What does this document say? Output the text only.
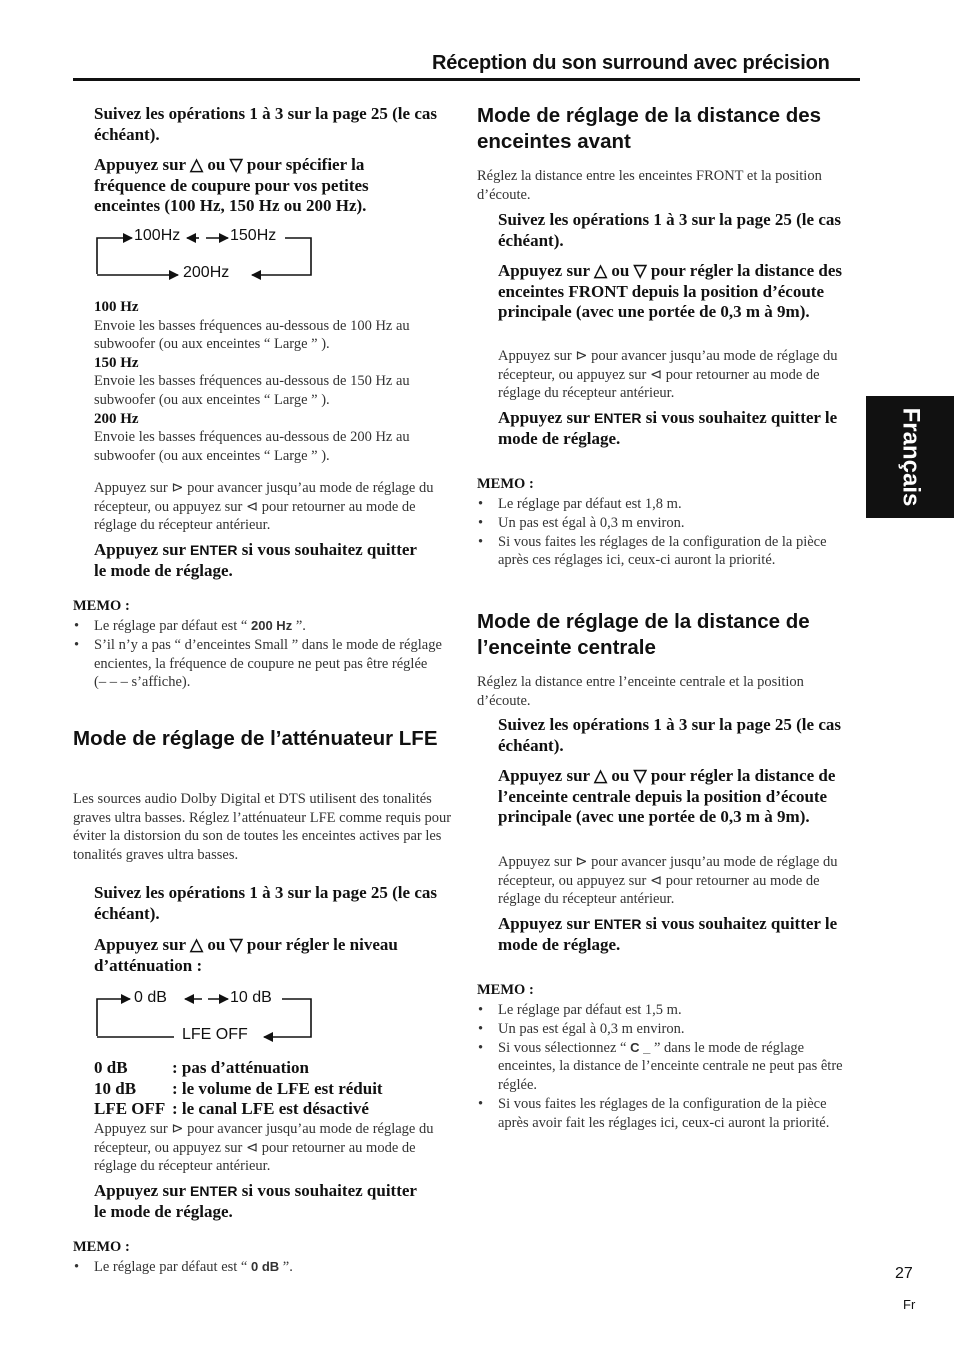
Réception du son surround avec précision
Français
Suivez les opérations 1 à 3 sur la page 25 (le cas échéant).
Appuyez sur △ ou ▽ pour spécifier la fréquence de coupure pour vos petites enceintes (100 Hz, 150 Hz ou 200 Hz).
100Hz	150Hz
200Hz
100 Hz
Envoie les basses fréquences au-dessous de 100 Hz au subwoofer (ou aux enceintes “ Large ” ).
150 Hz
Envoie les basses fréquences au-dessous de 150 Hz au subwoofer (ou aux enceintes “ Large ” ).
200 Hz
Envoie les basses fréquences au-dessous de 200 Hz au subwoofer (ou aux enceintes “ Large ” ).
Appuyez sur ⊳ pour avancer jusqu’au mode de réglage du récepteur, ou appuyez sur ⊲ pour retourner au mode de réglage du récepteur antérieur.
Appuyez sur ENTER si vous souhaitez quitter le mode de réglage.
MEMO :
• Le réglage par défaut est “ 200 Hz ”.
• S’il n’y a pas “ d’enceintes Small ” dans le mode de réglage encientes, la fréquence de coupure ne peut pas être réglée (– – – s’affiche).
Mode de réglage de l’atténuateur LFE
Les sources audio Dolby Digital et DTS utilisent des tonalités graves ultra basses. Réglez l’atténuateur LFE comme requis pour éviter la distorsion du son de toutes les enceintes actives par les tonalités graves ultra basses.
Suivez les opérations 1 à 3 sur la page 25 (le cas échéant).
Appuyez sur △ ou ▽ pour régler le niveau d’atténuation :
0 dB	10 dB
LFE OFF
0 dB	: pas d’atténuation
10 dB	: le volume de LFE est réduit
LFE OFF : le canal LFE est désactivé
Appuyez sur ⊳ pour avancer jusqu’au mode de réglage du récepteur, ou appuyez sur ⊲ pour retourner au mode de réglage du récepteur antérieur.
Appuyez sur ENTER si vous souhaitez quitter le mode de réglage.
MEMO :
• Le réglage par défaut est “ 0 dB ”.
Mode de réglage de la distance des enceintes avant
Réglez la distance entre les enceintes FRONT et la position d’écoute.
Suivez les opérations 1 à 3 sur la page 25 (le cas échéant).
Appuyez sur △ ou ▽ pour régler la distance des enceintes FRONT depuis la position d’écoute principale (avec une portée de 0,3 m à 9m).
Appuyez sur ⊳ pour avancer jusqu’au mode de réglage du récepteur, ou appuyez sur ⊲ pour retourner au mode de réglage du récepteur antérieur.
Appuyez sur ENTER si vous souhaitez quitter le mode de réglage.
MEMO :
• Le réglage par défaut est 1,8 m.
• Un pas est égal à 0,3 m environ.
• Si vous faites les réglages de la configuration de la pièce après ces réglages ici, ceux-ci auront la priorité.
Mode de réglage de la distance de l’enceinte centrale
Réglez la distance entre l’enceinte centrale et la position d’écoute.
Suivez les opérations 1 à 3 sur la page 25 (le cas échéant).
Appuyez sur △ ou ▽ pour régler la distance de l’enceinte centrale depuis la position d’écoute principale (avec une portée de 0,3 m à 9m).
Appuyez sur ⊳ pour avancer jusqu’au mode de réglage du récepteur, ou appuyez sur ⊲ pour retourner au mode de réglage du récepteur antérieur.
Appuyez sur ENTER si vous souhaitez quitter le mode de réglage.
MEMO :
• Le réglage par défaut est 1,5 m.
• Un pas est égal à 0,3 m environ.
• Si vous sélectionnez “ C _ ” dans le mode de réglage enceintes, la distance de l’enceinte centrale ne peut pas être réglée.
• Si vous faites les réglages de la configuration de la pièce après avoir fait les réglages ici, ceux-ci auront la priorité.
27
Fr
